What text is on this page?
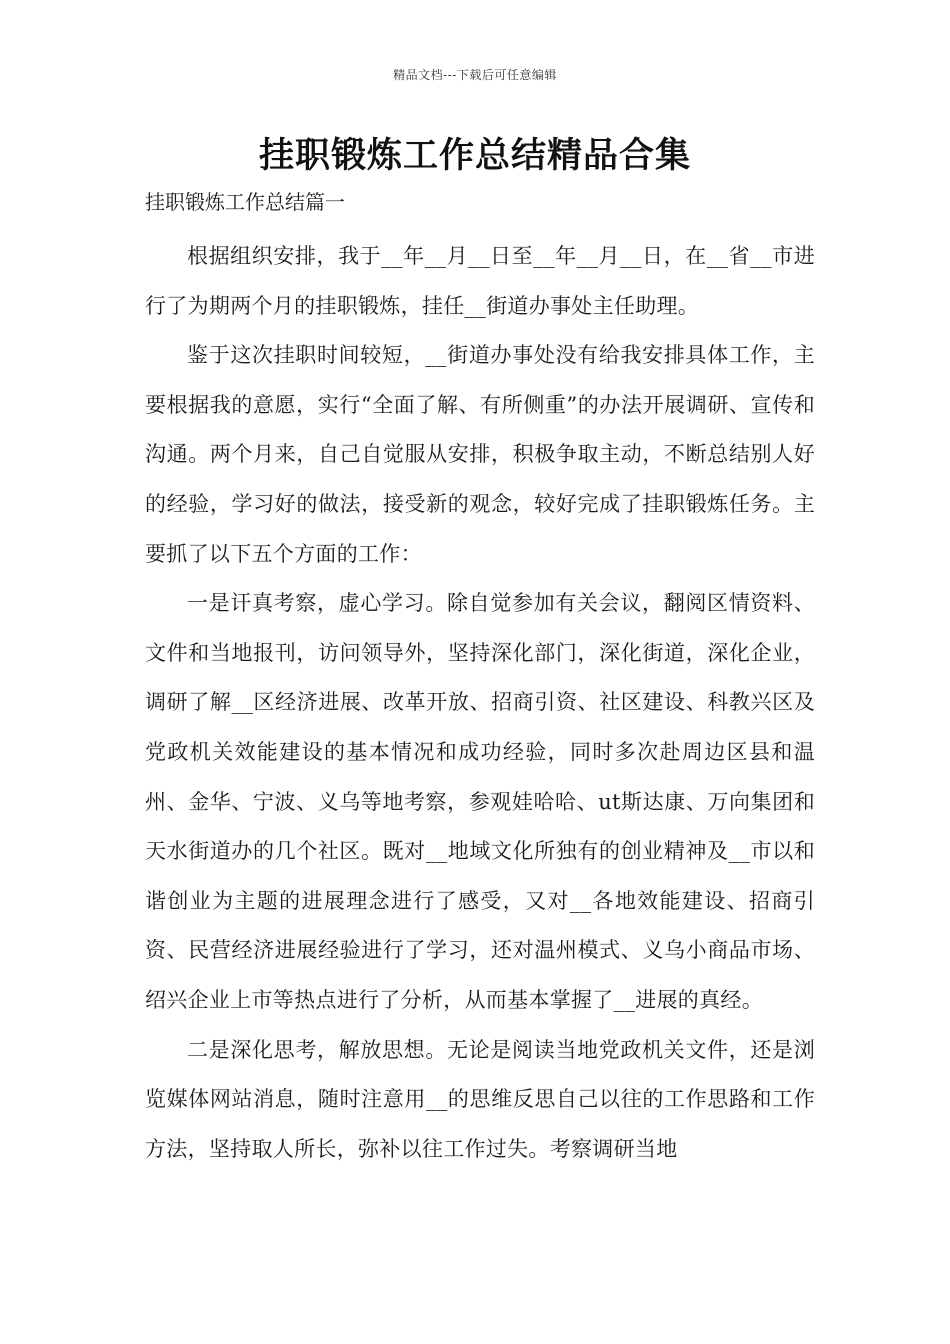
精品文档---下载后可任意编辑
挂职锻炼工作总结精品合集
挂职锻炼工作总结篇一

根据组织安排，我于__年__月__日至__年__月__日，在__省__市进行了为期两个月的挂职锻炼，挂任__街道办事处主任助理。

鉴于这次挂职时间较短，__街道办事处没有给我安排具体工作，主要根据我的意愿，实行“全面了解、有所侧重”的办法开展调研、宣传和沟通。两个月来，自己自觉服从安排，积极争取主动，不断总结别人好的经验，学习好的做法，接受新的观念，较好完成了挂职锻炼任务。主要抓了以下五个方面的工作：

一是讦真考察，虚心学习。除自觉参加有关会议，翻阅区情资料、文件和当地报刊，访问领导外，坚持深化部门，深化街道，深化企业，调研了解__区经济进展、改革开放、招商引资、社区建设、科教兴区及党政机关效能建设的基本情况和成功经验，同时多次赴周边区县和温州、金华、宁波、义乌等地考察，参观娃哈哈、ut斯达康、万向集团和天水街道办的几个社区。既对__地域文化所独有的创业精神及__市以和谐创业为主题的进展理念进行了感受，又对__各地效能建设、招商引资、民营经济进展经验进行了学习，还对温州模式、义乌小商品市场、绍兴企业上市等热点进行了分析，从而基本掌握了__进展的真经。

二是深化思考，解放思想。无论是阅读当地党政机关文件，还是浏览媒体网站消息，随时注意用__的思维反思自己以往的工作思路和工作方法，坚持取人所长，弥补以往工作过失。考察调研当地
